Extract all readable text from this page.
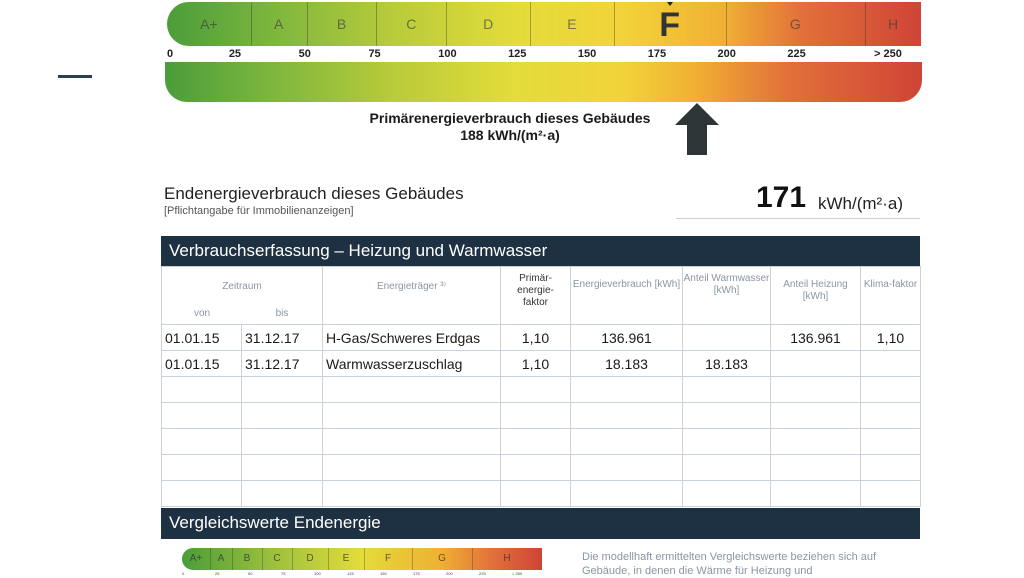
A+	A	B	C	D	E	F	G	H
0	25	50	75	100	125	150	175	200	225	> 250
Primärenergieverbrauch dieses Gebäudes
188 kWh/(m²·a)
Endenergieverbrauch dieses Gebäudes
[Pflichtangabe für Immobilienanzeigen]	171 kWh/(m²·a)
Verbrauchserfassung – Heizung und Warmwasser
Zeitraum
von bis		Energieträger ³⁾	Primär-energie-faktor	Energieverbrauch [kWh]	Anteil Warmwasser [kWh]	Anteil Heizung [kWh]	Klima-faktor

01.01.15	31.12.17	H-Gas/Schweres Erdgas	1,10	136.961		136.961	1,10
01.01.15	31.12.17	Warmwasserzuschlag	1,10	18.183	18.183		

Vergleichswerte Endenergie
A+	A	B	C	D	E	F	G	H
0	25	50	75	100	125	150	175	200	225	> 250
Die modellhaft ermittelten Vergleichswerte beziehen sich auf Gebäude, in denen die Wärme für Heizung und
